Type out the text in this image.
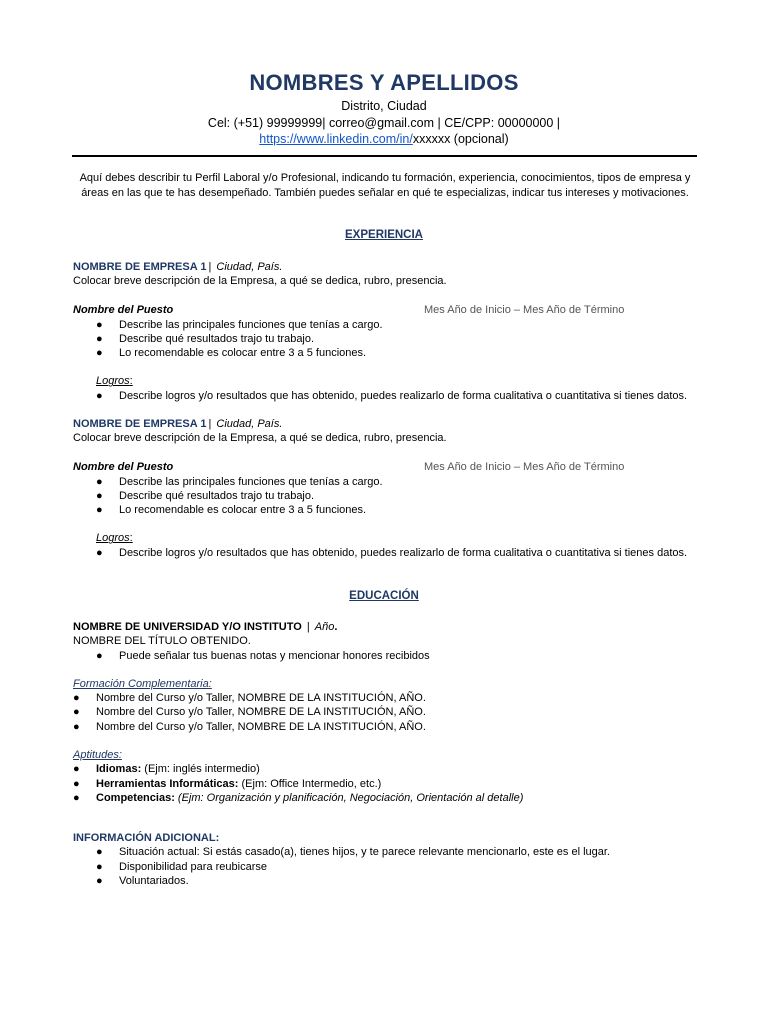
NOMBRES Y APELLIDOS
Distrito, Ciudad
Cel: (+51) 99999999| correo@gmail.com | CE/CPP: 00000000 |
https://www.linkedin.com/in/xxxxxx (opcional)
Aquí debes describir tu Perfil Laboral y/o Profesional, indicando tu formación, experiencia, conocimientos, tipos de empresa y áreas en las que te has desempeñado. También puedes señalar en qué te especializas, indicar tus intereses y motivaciones.
EXPERIENCIA
NOMBRE DE EMPRESA 1 | Ciudad, País.
Colocar breve descripción de la Empresa, a qué se dedica, rubro, presencia.
Nombre del Puesto	Mes Año de Inicio – Mes Año de Término
● Describe las principales funciones que tenías a cargo.
● Describe qué resultados trajo tu trabajo.
● Lo recomendable es colocar entre 3 a 5 funciones.
Logros:
● Describe logros y/o resultados que has obtenido, puedes realizarlo de forma cualitativa o cuantitativa si tienes datos.
NOMBRE DE EMPRESA 1 | Ciudad, País.
Colocar breve descripción de la Empresa, a qué se dedica, rubro, presencia.
Nombre del Puesto	Mes Año de Inicio – Mes Año de Término
● Describe las principales funciones que tenías a cargo.
● Describe qué resultados trajo tu trabajo.
● Lo recomendable es colocar entre 3 a 5 funciones.
Logros:
● Describe logros y/o resultados que has obtenido, puedes realizarlo de forma cualitativa o cuantitativa si tienes datos.
EDUCACIÓN
NOMBRE DE UNIVERSIDAD Y/O INSTITUTO | Año.
NOMBRE DEL TÍTULO OBTENIDO.
● Puede señalar tus buenas notas y mencionar honores recibidos
Formación Complementaria:
● Nombre del Curso y/o Taller, NOMBRE DE LA INSTITUCIÓN, AÑO.
● Nombre del Curso y/o Taller, NOMBRE DE LA INSTITUCIÓN, AÑO.
● Nombre del Curso y/o Taller, NOMBRE DE LA INSTITUCIÓN, AÑO.
Aptitudes:
● Idiomas: (Ejm: inglés intermedio)
● Herramientas Informáticas: (Ejm: Office Intermedio, etc.)
● Competencias: (Ejm: Organización y planificación, Negociación, Orientación al detalle)
INFORMACIÓN ADICIONAL:
● Situación actual: Si estás casado(a), tienes hijos, y te parece relevante mencionarlo, este es el lugar.
● Disponibilidad para reubicarse
● Voluntariados.
